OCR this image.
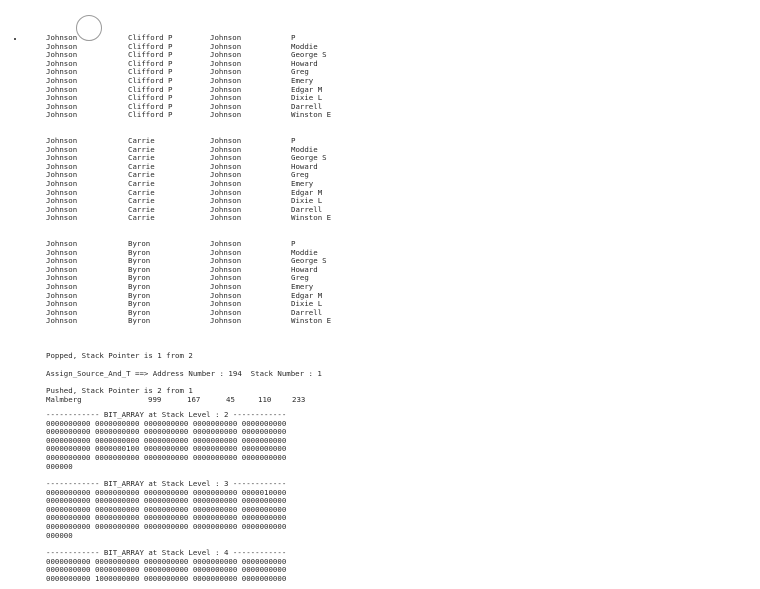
Johnson	Clifford P	Johnson	P
Johnson	Clifford P	Johnson	Moddie
Johnson	Clifford P	Johnson	George S
Johnson	Clifford P	Johnson	Howard
Johnson	Clifford P	Johnson	Greg
Johnson	Clifford P	Johnson	Emery
Johnson	Clifford P	Johnson	Edgar M
Johnson	Clifford P	Johnson	Dixie L
Johnson	Clifford P	Johnson	Darrell
Johnson	Clifford P	Johnson	Winston E
Johnson	Carrie	Johnson	P
Johnson	Carrie	Johnson	Moddie
Johnson	Carrie	Johnson	George S
Johnson	Carrie	Johnson	Howard
Johnson	Carrie	Johnson	Greg
Johnson	Carrie	Johnson	Emery
Johnson	Carrie	Johnson	Edgar M
Johnson	Carrie	Johnson	Dixie L
Johnson	Carrie	Johnson	Darrell
Johnson	Carrie	Johnson	Winston E
Johnson	Byron	Johnson	P
Johnson	Byron	Johnson	Moddie
Johnson	Byron	Johnson	George S
Johnson	Byron	Johnson	Howard
Johnson	Byron	Johnson	Greg
Johnson	Byron	Johnson	Emery
Johnson	Byron	Johnson	Edgar M
Johnson	Byron	Johnson	Dixie L
Johnson	Byron	Johnson	Darrell
Johnson	Byron	Johnson	Winston E
Popped, Stack Pointer is 1 from 2
Assign_Source_And_T ==> Address Number : 194  Stack Number : 1
Pushed, Stack Pointer is 2 from 1
Malmberg	999	167	45	110	233
------------ BIT_ARRAY at Stack Level : 2 ------------
0000000000 0000000000 0000000000 0000000000 0000000000
0000000000 0000000000 0000000000 0000000000 0000000000
0000000000 0000000000 0000000000 0000000000 0000000000
0000000000 0000000100 0000000000 0000000000 0000000000
0000000000 0000000000 0000000000 0000000000 0000000000
000000
------------ BIT_ARRAY at Stack Level : 3 ------------
0000000000 0000000000 0000000000 0000000000 0000010000
0000000000 0000000000 0000000000 0000000000 0000000000
0000000000 0000000000 0000000000 0000000000 0000000000
0000000000 0000000000 0000000000 0000000000 0000000000
0000000000 0000000000 0000000000 0000000000 0000000000
000000
------------ BIT_ARRAY at Stack Level : 4 ------------
0000000000 0000000000 0000000000 0000000000 0000000000
0000000000 0000000000 0000000000 0000000000 0000000000
0000000000 1000000000 0000000000 0000000000 0000000000
